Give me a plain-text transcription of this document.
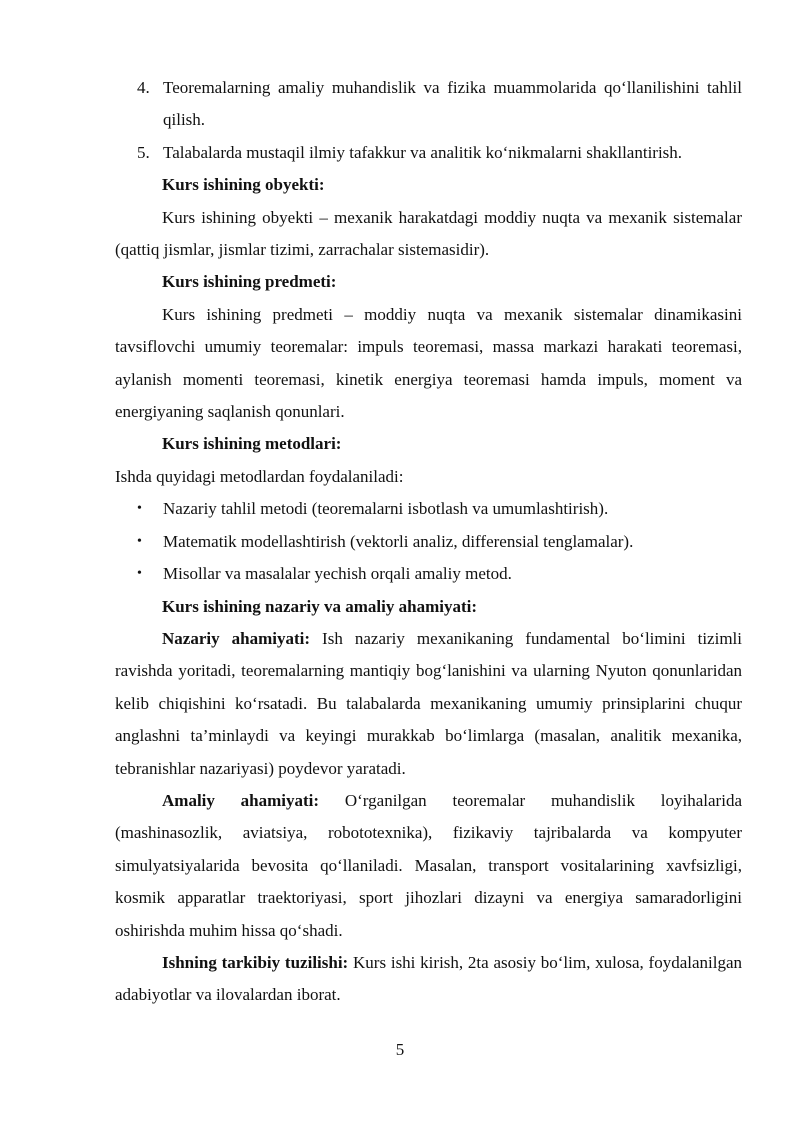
4. Teoremalarning amaliy muhandislik va fizika muammolarida qo‘llanilishini tahlil qilish.
5. Talabalarda mustaqil ilmiy tafakkur va analitik ko‘nikmalarni shakllantirish.
Kurs ishining obyekti:

Kurs ishining obyekti – mexanik harakatdagi moddiy nuqta va mexanik sistemalar (qattiq jismlar, jismlar tizimi, zarrachalar sistemasidir).

Kurs ishining predmeti:

Kurs ishining predmeti – moddiy nuqta va mexanik sistemalar dinamikasini tavsiflovchi umumiy teoremalar: impuls teoremasi, massa markazi harakati teoremasi, aylanish momenti teoremasi, kinetik energiya teoremasi hamda impuls, moment va energiyaning saqlanish qonunlari.

Kurs ishining metodlari:

Ishda quyidagi metodlardan foydalaniladi:

•	Nazariy tahlil metodi (teoremalarni isbotlash va umumlashtirish).
•	Matematik modellashtirish (vektorli analiz, differensial tenglamalar).
•	Misollar va masalalar yechish orqali amaliy metod.
Kurs ishining nazariy va amaliy ahamiyati:

Nazariy ahamiyati: Ish nazariy mexanikaning fundamental bo‘limini tizimli ravishda yoritadi, teoremalarning mantiqiy bog‘lanishini va ularning Nyuton qonunlaridan kelib chiqishini ko‘rsatadi. Bu talabalarda mexanikaning umumiy prinsiplarini chuqur anglashni ta’minlaydi va keyingi murakkab bo‘limlarga (masalan, analitik mexanika, tebranishlar nazariyasi) poydevor yaratadi.

Amaliy ahamiyati: O‘rganilgan teoremalar muhandislik loyihalarida (mashinasozlik, aviatsiya, robototexnika), fizikaviy tajribalarda va kompyuter simulyatsiyalarida bevosita qo‘llaniladi. Masalan, transport vositalarining xavfsizligi, kosmik apparatlar traektoriyasi, sport jihozlari dizayni va energiya samaradorligini oshirishda muhim hissa qo‘shadi.

Ishning tarkibiy tuzilishi: Kurs ishi kirish, 2ta asosiy bo‘lim, xulosa, foydalanilgan adabiyotlar va ilovalardan iborat.

5
